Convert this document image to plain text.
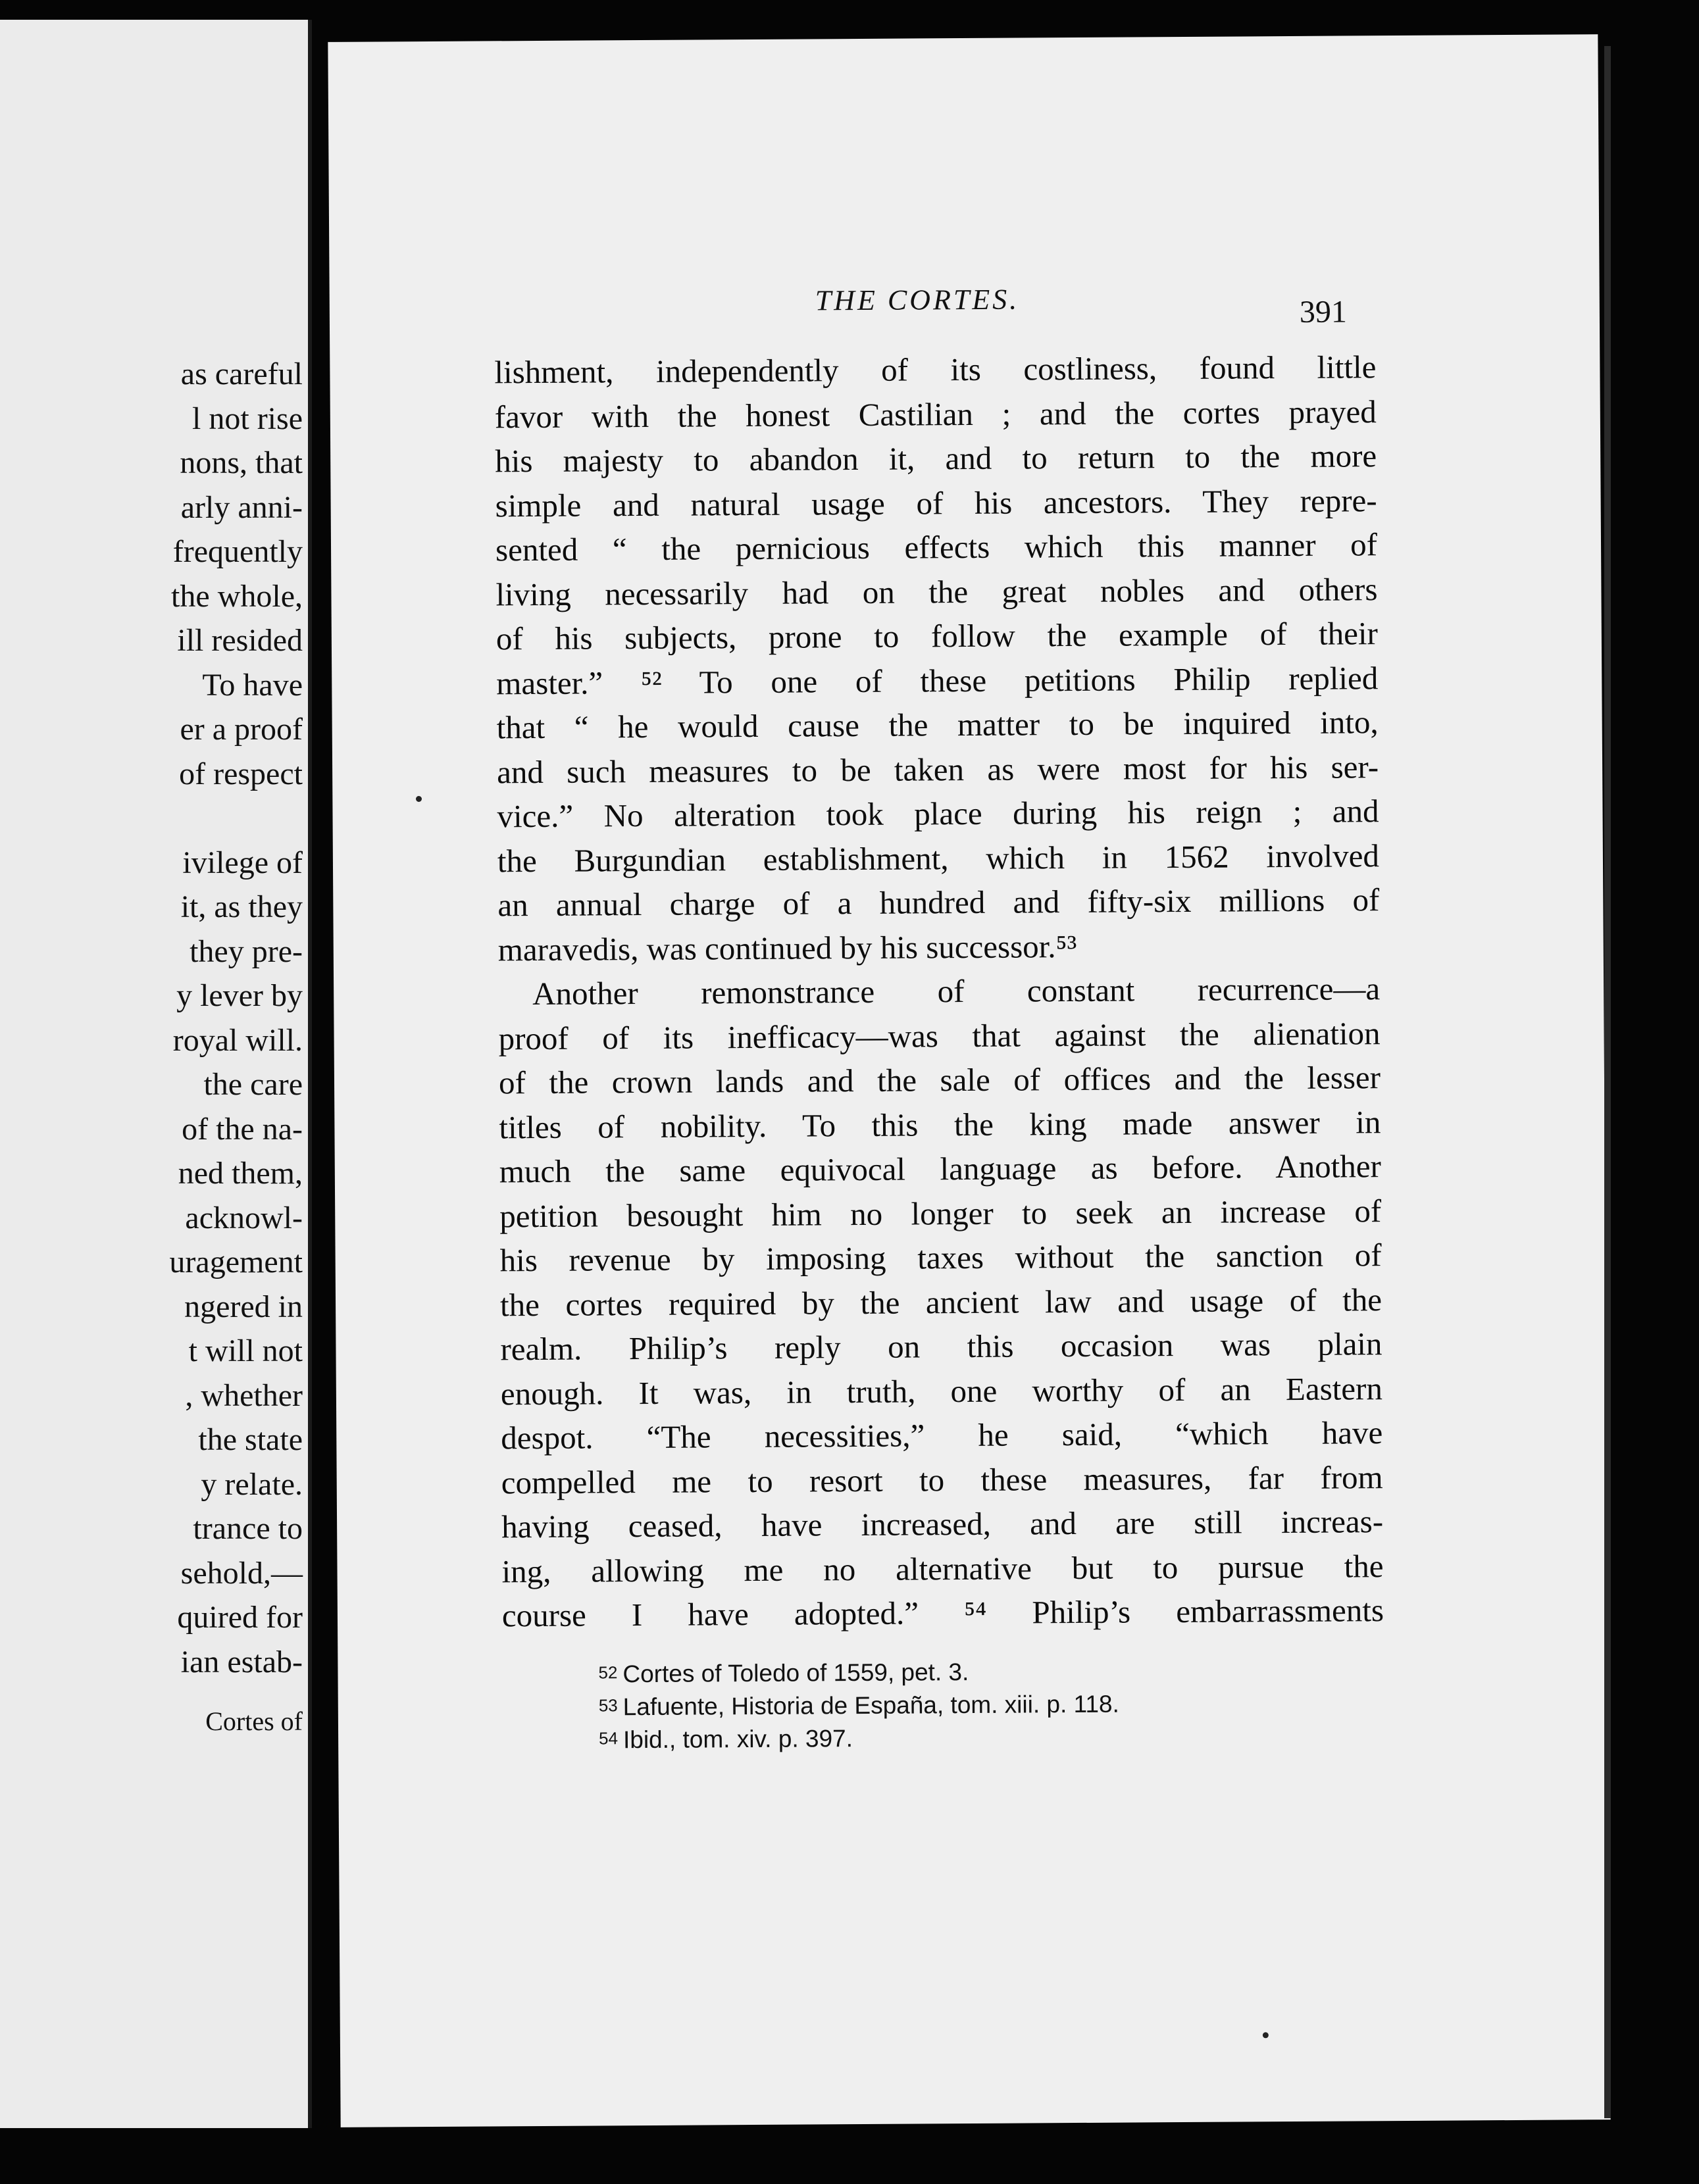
as careful
l not rise
nons, that
arly anni-
frequently
the whole,
ill resided
To have
er a proof
of respect
ivilege of
it, as they
they pre-
y lever by
royal will.
the care
of the na-
ned them,
acknowl-
uragement
ngered in
t will not
, whether
the state
y relate.
trance to
sehold,—
quired for
ian estab-
Cortes of
THE CORTES.	391
lishment, independently of its costliness, found little
favor with the honest Castilian ; and the cortes prayed
his majesty to abandon it, and to return to the more
simple and natural usage of his ancestors. They repre-
sented “ the pernicious effects which this manner of
living necessarily had on the great nobles and others
of his subjects, prone to follow the example of their
master.” ⁵² To one of these petitions Philip replied
that “ he would cause the matter to be inquired into,
and such measures to be taken as were most for his ser-
vice.” No alteration took place during his reign ; and
the Burgundian establishment, which in 1562 involved
an annual charge of a hundred and fifty-six millions of
maravedis, was continued by his successor.⁵³
Another remonstrance of constant recurrence—a
proof of its inefficacy—was that against the alienation
of the crown lands and the sale of offices and the lesser
titles of nobility. To this the king made answer in
much the same equivocal language as before. Another
petition besought him no longer to seek an increase of
his revenue by imposing taxes without the sanction of
the cortes required by the ancient law and usage of the
realm. Philip’s reply on this occasion was plain
enough. It was, in truth, one worthy of an Eastern
despot. “The necessities,” he said, “which have
compelled me to resort to these measures, far from
having ceased, have increased, and are still increas-
ing, allowing me no alternative but to pursue the
course I have adopted.” ⁵⁴ Philip’s embarrassments
52 Cortes of Toledo of 1559, pet. 3.
53 Lafuente, Historia de España, tom. xiii. p. 118.
54 Ibid., tom. xiv. p. 397.
